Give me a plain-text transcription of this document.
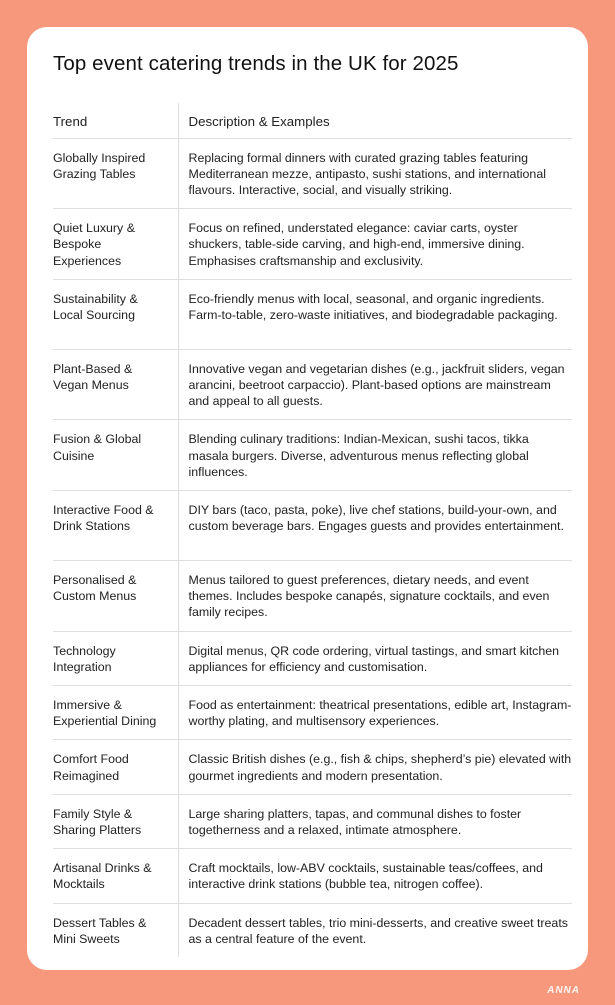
Top event catering trends in the UK for 2025
Trend	Description & Examples
Globally Inspired Grazing Tables	Replacing formal dinners with curated grazing tables featuring Mediterranean mezze, antipasto, sushi stations, and international flavours. Interactive, social, and visually striking.
Quiet Luxury & Bespoke Experiences	Focus on refined, understated elegance: caviar carts, oyster shuckers, table-side carving, and high-end, immersive dining. Emphasises craftsmanship and exclusivity.
Sustainability & Local Sourcing	Eco-friendly menus with local, seasonal, and organic ingredients. Farm-to-table, zero-waste initiatives, and biodegradable packaging.
Plant-Based & Vegan Menus	Innovative vegan and vegetarian dishes (e.g., jackfruit sliders, vegan arancini, beetroot carpaccio). Plant-based options are mainstream and appeal to all guests.
Fusion & Global Cuisine	Blending culinary traditions: Indian-Mexican, sushi tacos, tikka masala burgers. Diverse, adventurous menus reflecting global influences.
Interactive Food & Drink Stations	DIY bars (taco, pasta, poke), live chef stations, build-your-own, and custom beverage bars. Engages guests and provides entertainment.
Personalised & Custom Menus	Menus tailored to guest preferences, dietary needs, and event themes. Includes bespoke canapés, signature cocktails, and even family recipes.
Technology Integration	Digital menus, QR code ordering, virtual tastings, and smart kitchen appliances for efficiency and customisation.
Immersive & Experiential Dining	Food as entertainment: theatrical presentations, edible art, Instagram-worthy plating, and multisensory experiences.
Comfort Food Reimagined	Classic British dishes (e.g., fish & chips, shepherd’s pie) elevated with gourmet ingredients and modern presentation.
Family Style & Sharing Platters	Large sharing platters, tapas, and communal dishes to foster togetherness and a relaxed, intimate atmosphere.
Artisanal Drinks & Mocktails	Craft mocktails, low-ABV cocktails, sustainable teas/coffees, and interactive drink stations (bubble tea, nitrogen coffee).
Dessert Tables & Mini Sweets	Decadent dessert tables, trio mini-desserts, and creative sweet treats as a central feature of the event.
ANNA
